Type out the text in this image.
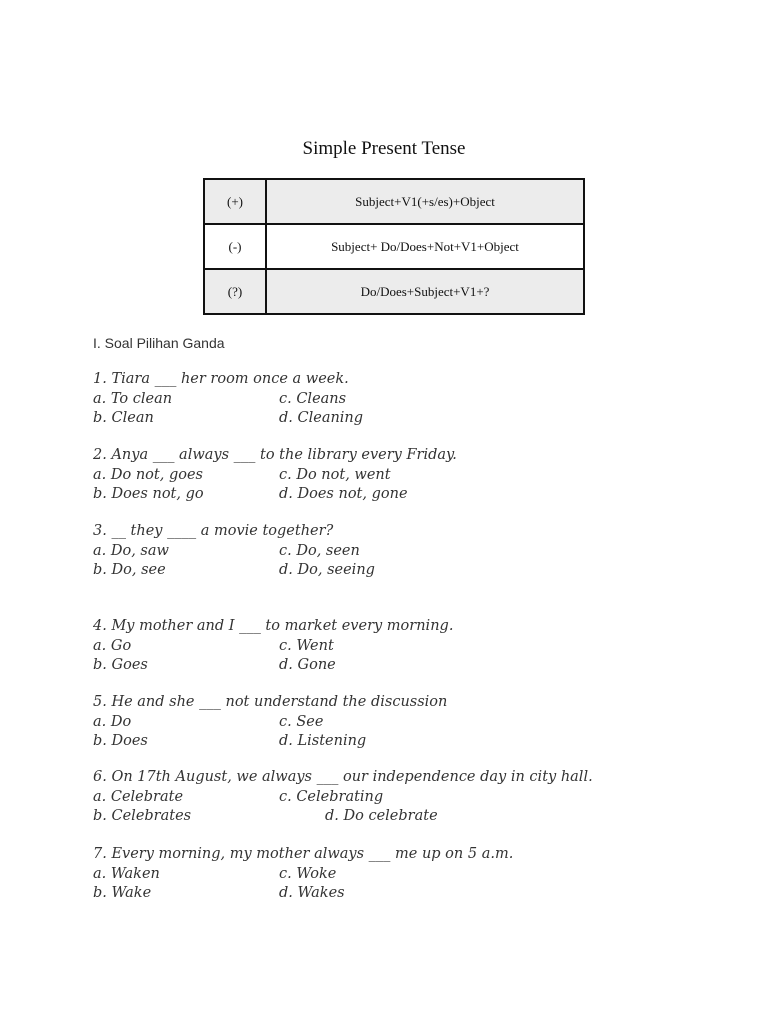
Simple Present Tense
(+)	Subject+V1(+s/es)+Object
(-)	Subject+ Do/Does+Not+V1+Object
(?)	Do/Does+Subject+V1+?
I. Soal Pilihan Ganda
1. Tiara ___ her room once a week.
a. To clean	c. Cleans
b. Clean	d. Cleaning
2. Anya ___ always ___ to the library every Friday.
a. Do not, goes	c. Do not, went
b. Does not, go	d. Does not, gone
3. __ they ____ a movie together?
a. Do, saw	c. Do, seen
b. Do, see	d. Do, seeing
4. My mother and I ___ to market every morning.
a. Go	c. Went
b. Goes	d. Gone
5. He and she ___ not understand the discussion
a. Do	c. See
b. Does	d. Listening
6. On 17th August, we always ___ our independence day in city hall.
a. Celebrate	c. Celebrating
b. Celebrates	d. Do celebrate
7. Every morning, my mother always ___ me up on 5 a.m.
a. Waken	c. Woke
b. Wake	d. Wakes
